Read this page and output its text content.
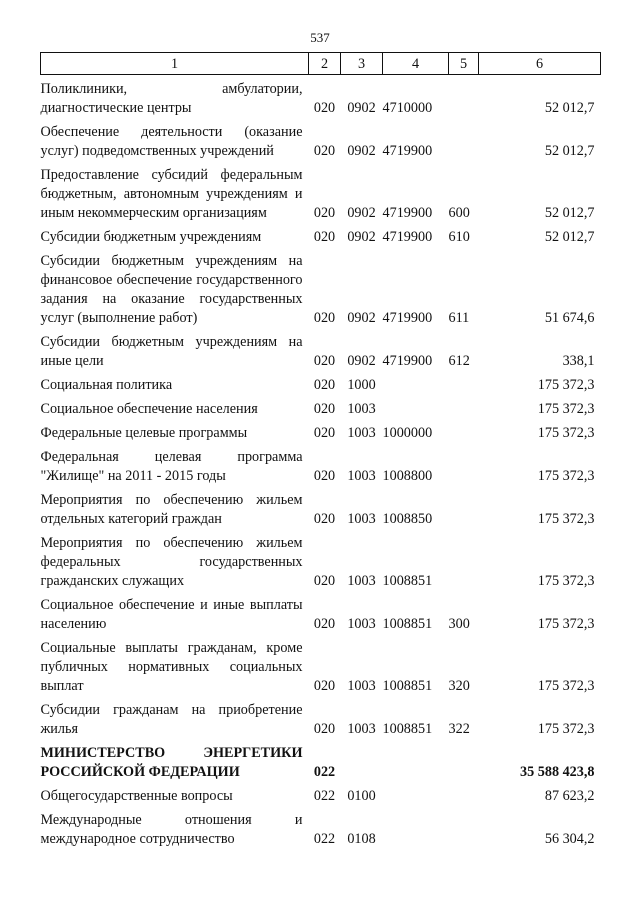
537
1	2	3	4	5	6
Поликлиники, амбулатории, диагностические центры	020	0902	4710000		52 012,7
Обеспечение деятельности (оказание услуг) подведомственных учреждений	020	0902	4719900		52 012,7
Предоставление субсидий федеральным бюджетным, автономным учреждениям и иным некоммерческим организациям	020	0902	4719900	600	52 012,7
Субсидии бюджетным учреждениям	020	0902	4719900	610	52 012,7
Субсидии бюджетным учреждениям на финансовое обеспечение государственного задания на оказание государственных услуг (выполнение работ)	020	0902	4719900	611	51 674,6
Субсидии бюджетным учреждениям на иные цели	020	0902	4719900	612	338,1
Социальная политика	020	1000			175 372,3
Социальное обеспечение населения	020	1003			175 372,3
Федеральные целевые программы	020	1003	1000000		175 372,3
Федеральная целевая программа "Жилище" на 2011 - 2015 годы	020	1003	1008800		175 372,3
Мероприятия по обеспечению жильем отдельных категорий граждан	020	1003	1008850		175 372,3
Мероприятия по обеспечению жильем федеральных государственных гражданских служащих	020	1003	1008851		175 372,3
Социальное обеспечение и иные выплаты населению	020	1003	1008851	300	175 372,3
Социальные выплаты гражданам, кроме публичных нормативных социальных выплат	020	1003	1008851	320	175 372,3
Субсидии гражданам на приобретение жилья	020	1003	1008851	322	175 372,3
МИНИСТЕРСТВО ЭНЕРГЕТИКИ РОССИЙСКОЙ ФЕДЕРАЦИИ	022				35 588 423,8
Общегосударственные вопросы	022	0100			87 623,2
Международные отношения и международное сотрудничество	022	0108			56 304,2
